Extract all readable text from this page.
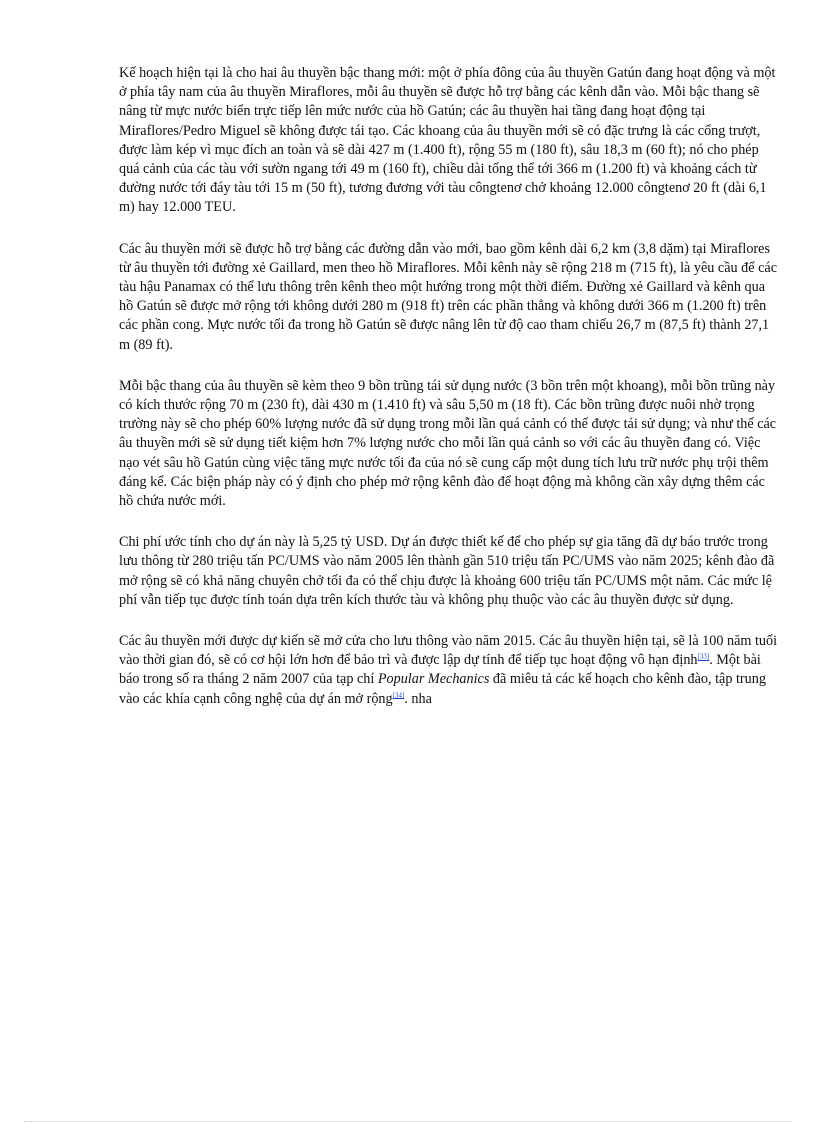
Kế hoạch hiện tại là cho hai âu thuyền bậc thang mới: một ở phía đông của âu thuyền Gatún đang hoạt động và một ở phía tây nam của âu thuyền Miraflores, mỗi âu thuyền sẽ được hỗ trợ bằng các kênh dẫn vào. Mỗi bậc thang sẽ nâng từ mực nước biển trực tiếp lên mức nước của hồ Gatún; các âu thuyền hai tầng đang hoạt động tại Miraflores/Pedro Miguel sẽ không được tái tạo. Các khoang của âu thuyền mới sẽ có đặc trưng là các cổng trượt, được làm kép vì mục đích an toàn và sẽ dài 427 m (1.400 ft), rộng 55 m (180 ft), sâu 18,3 m (60 ft); nó cho phép quá cảnh của các tàu với sườn ngang tới 49 m (160 ft), chiều dài tổng thể tới 366 m (1.200 ft) và khoảng cách từ đường nước tới đáy tàu tới 15 m (50 ft), tương đương với tàu côngtenơ chở khoảng 12.000 côngtenơ 20 ft (dài 6,1 m) hay 12.000 TEU.

Các âu thuyền mới sẽ được hỗ trợ bằng các đường dẫn vào mới, bao gồm kênh dài 6,2 km (3,8 dặm) tại Miraflores từ âu thuyền tới đường xẻ Gaillard, men theo hồ Miraflores. Mỗi kênh này sẽ rộng 218 m (715 ft), là yêu cầu để các tàu hậu Panamax có thể lưu thông trên kênh theo một hướng trong một thời điểm. Đường xẻ Gaillard và kênh qua hồ Gatún sẽ được mở rộng tới không dưới 280 m (918 ft) trên các phần thẳng và không dưới 366 m (1.200 ft) trên các phần cong. Mực nước tối đa trong hồ Gatún sẽ được nâng lên từ độ cao tham chiếu 26,7 m (87,5 ft) thành 27,1 m (89 ft).

Mỗi bậc thang của âu thuyền sẽ kèm theo 9 bồn trũng tái sử dụng nước (3 bồn trên một khoang), mỗi bồn trũng này có kích thước rộng 70 m (230 ft), dài 430 m (1.410 ft) và sâu 5,50 m (18 ft). Các bồn trũng được nuôi nhờ trọng trường này sẽ cho phép 60% lượng nước đã sử dụng trong mỗi lần quá cảnh có thể được tái sử dụng; và như thế các âu thuyền mới sẽ sử dụng tiết kiệm hơn 7% lượng nước cho mỗi lần quá cảnh so với các âu thuyền đang có. Việc nạo vét sâu hồ Gatún cùng việc tăng mực nước tối đa của nó sẽ cung cấp một dung tích lưu trữ nước phụ trội thêm đáng kể. Các biện pháp này có ý định cho phép mở rộng kênh đào để hoạt động mà không cần xây dựng thêm các hồ chứa nước mới.

Chi phí ước tính cho dự án này là 5,25 tỷ USD. Dự án được thiết kế để cho phép sự gia tăng đã dự báo trước trong lưu thông từ 280 triệu tấn PC/UMS vào năm 2005 lên thành gần 510 triệu tấn PC/UMS vào năm 2025; kênh đào đã mở rộng sẽ có khả năng chuyên chở tối đa có thể chịu được là khoảng 600 triệu tấn PC/UMS một năm. Các mức lệ phí vẫn tiếp tục được tính toán dựa trên kích thước tàu và không phụ thuộc vào các âu thuyền được sử dụng.

Các âu thuyền mới được dự kiến sẽ mở cửa cho lưu thông vào năm 2015. Các âu thuyền hiện tại, sẽ là 100 năm tuổi vào thời gian đó, sẽ có cơ hội lớn hơn để bảo trì và được lập dự tính để tiếp tục hoạt động vô hạn định[33]. Một bài báo trong số ra tháng 2 năm 2007 của tạp chí Popular Mechanics đã miêu tả các kế hoạch cho kênh đào, tập trung vào các khía cạnh công nghệ của dự án mở rộng[34]. nha
